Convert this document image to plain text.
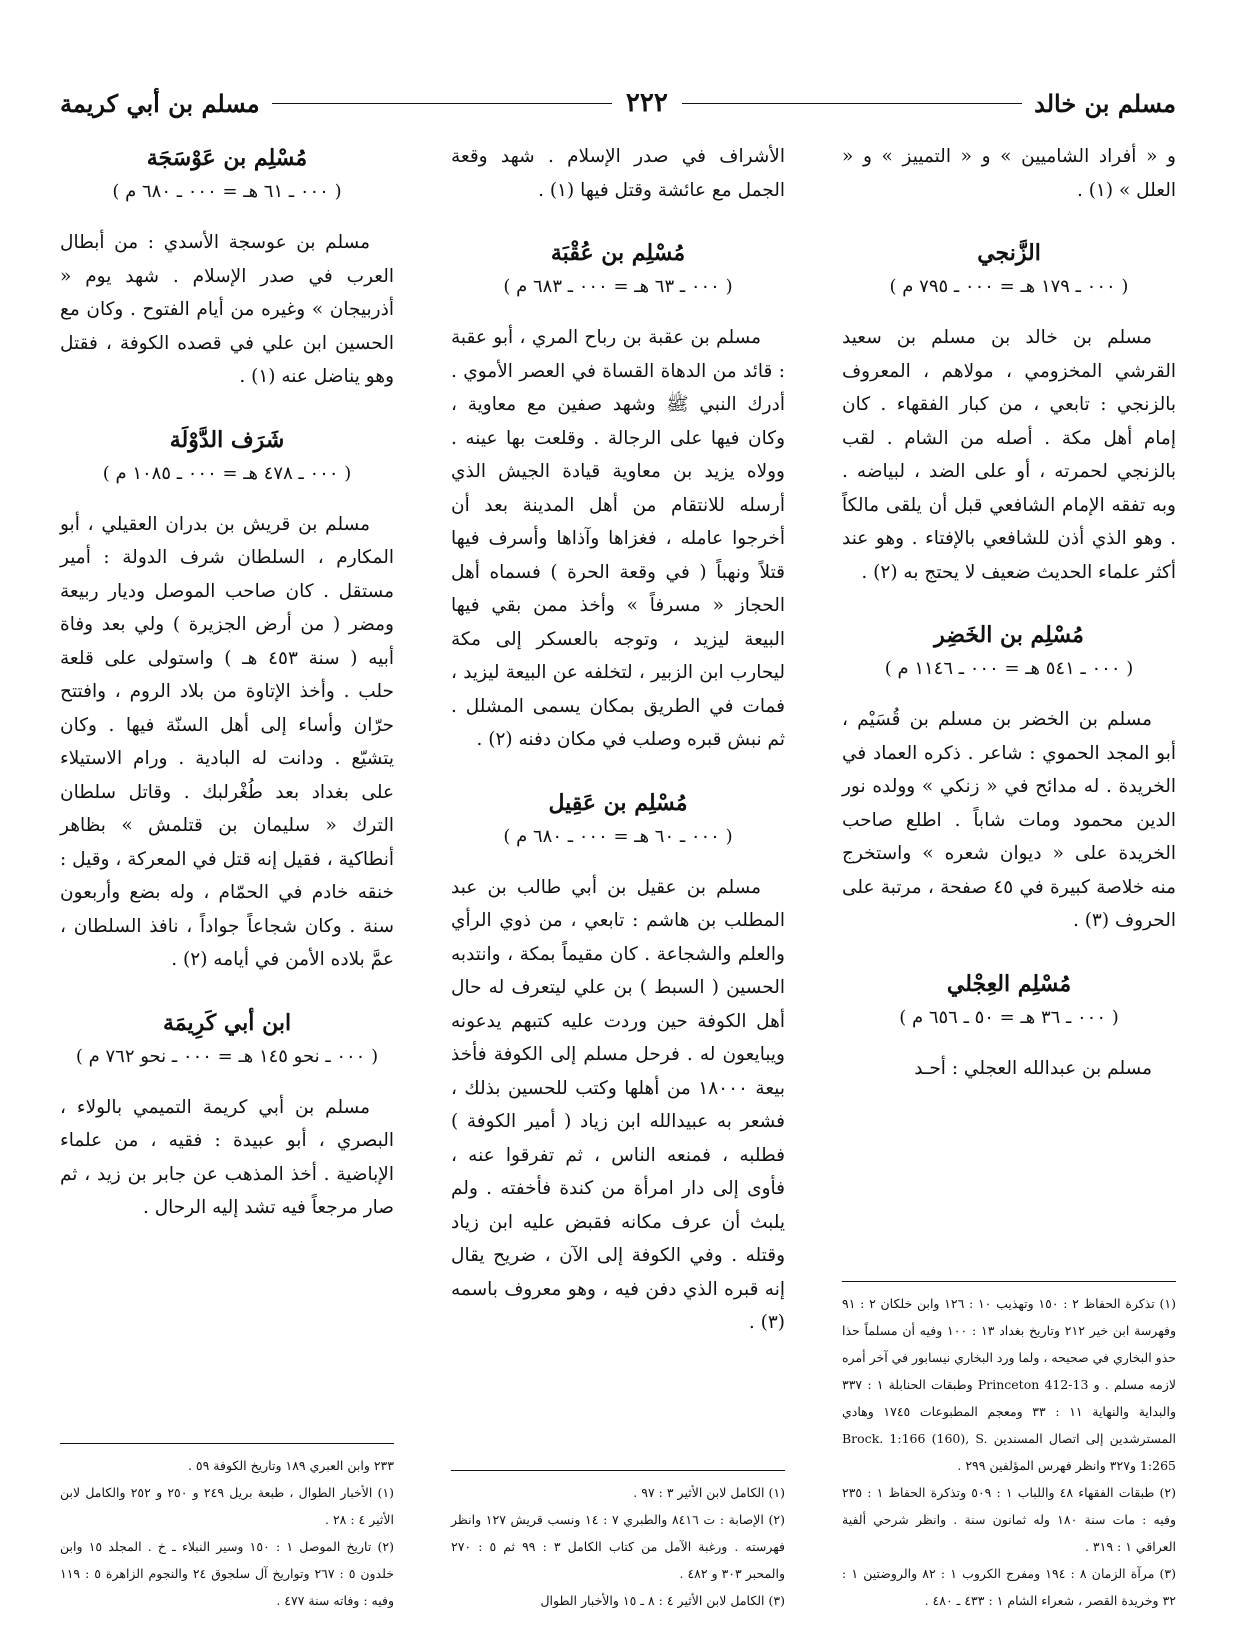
مسلم بن خالد
٢٢٢
مسلم بن أبي كريمة

و « أفراد الشاميين » و « التمييز » و « العلل » (١) .

الزَّنجي
( ٠٠٠ ـ ١٧٩ هـ = ٠٠٠ ـ ٧٩٥ م )

مسلم بن خالد بن مسلم بن سعيد القرشي المخزومي ، مولاهم ، المعروف بالزنجي : تابعي ، من كبار الفقهاء . كان إمام أهل مكة . أصله من الشام . لقب بالزنجي لحمرته ، أو على الضد ، لبياضه . وبه تفقه الإمام الشافعي قبل أن يلقى مالكاً . وهو الذي أذن للشافعي بالإفتاء . وهو عند أكثر علماء الحديث ضعيف لا يحتج به (٢) .

مُسْلِم بن الخَضِر
( ٠٠٠ ـ ٥٤١ هـ = ٠٠٠ ـ ١١٤٦ م )

مسلم بن الخضر بن مسلم بن قُسَيْم ، أبو المجد الحموي : شاعر . ذكره العماد في الخريدة . له مدائح في « زنكي » وولده نور الدين محمود ومات شاباً . اطلع صاحب الخريدة على « ديوان شعره » واستخرج منه خلاصة كبيرة في ٤٥ صفحة ، مرتبة على الحروف (٣) .

مُسْلِم العِجْلي
( ٠٠٠ ـ ٣٦ هـ = ٥٠ ـ ٦٥٦ م )

مسلم بن عبدالله العجلي : أحـد

(١) تذكرة الحفاظ ٢ : ١٥٠ وتهذيب ١٠ : ١٢٦ وابن خلكان ٢ : ٩١ وفهرسة ابن خير ٢١٢ وتاريخ بغداد ١٣ : ١٠٠ وفيه أن مسلماً حذا حذو البخاري في صحيحه ، ولما ورد البخاري نيسابور في آخر أمره لازمه مسلم . و Princeton 412-13 وطبقات الحنابلة ١ : ٣٣٧ والبداية والنهاية ١١ : ٣٣ ومعجم المطبوعات ١٧٤٥ وهادي المسترشدين إلى اتصال المسندين Brock. 1:166 (160), S. 1:265 و٣٢٧ وانظر فهرس المؤلفين ٢٩٩ .

(٢) طبقات الفقهاء ٤٨ واللباب ١ : ٥٠٩ وتذكرة الحفاظ ١ : ٢٣٥ وفيه : مات سنة ١٨٠ وله ثمانون سنة . وانظر شرحي ألفية العراقي ١ : ٣١٩ .

(٣) مرآة الزمان ٨ : ١٩٤ ومفرج الكروب ١ : ٨٢ والروضتين ١ : ٣٢ وخريدة القصر ، شعراء الشام ١ : ٤٣٣ ـ ٤٨٠ .

الأشراف في صدر الإسلام . شهد وقعة الجمل مع عائشة وقتل فيها (١) .

مُسْلِم بن عُقْبَة
( ٠٠٠ ـ ٦٣ هـ = ٠٠٠ ـ ٦٨٣ م )

مسلم بن عقبة بن رباح المري ، أبو عقبة : قائد من الدهاة القساة في العصر الأموي . أدرك النبي ﷺ وشهد صفين مع معاوية ، وكان فيها على الرجالة . وقلعت بها عينه . وولاه يزيد بن معاوية قيادة الجيش الذي أرسله للانتقام من أهل المدينة بعد أن أخرجوا عامله ، فغزاها وآذاها وأسرف فيها قتلاً ونهباً ( في وقعة الحرة ) فسماه أهل الحجاز « مسرفاً » وأخذ ممن بقي فيها البيعة ليزيد ، وتوجه بالعسكر إلى مكة ليحارب ابن الزبير ، لتخلفه عن البيعة ليزيد ، فمات في الطريق بمكان يسمى المشلل . ثم نبش قبره وصلب في مكان دفنه (٢) .

مُسْلِم بن عَقِيل
( ٠٠٠ ـ ٦٠ هـ = ٠٠٠ ـ ٦٨٠ م )

مسلم بن عقيل بن أبي طالب بن عبد المطلب بن هاشم : تابعي ، من ذوي الرأي والعلم والشجاعة . كان مقيماً بمكة ، وانتدبه الحسين ( السبط ) بن علي ليتعرف له حال أهل الكوفة حين وردت عليه كتبهم يدعونه ويبايعون له . فرحل مسلم إلى الكوفة فأخذ بيعة ١٨٠٠٠ من أهلها وكتب للحسين بذلك ، فشعر به عبيدالله ابن زياد ( أمير الكوفة ) فطلبه ، فمنعه الناس ، ثم تفرقوا عنه ، فأوى إلى دار امرأة من كندة فأخفته . ولم يلبث أن عرف مكانه فقبض عليه ابن زياد وقتله . وفي الكوفة إلى الآن ، ضريح يقال إنه قبره الذي دفن فيه ، وهو معروف باسمه (٣) .

(١) الكامل لابن الأثير ٣ : ٩٧ .

(٢) الإصابة : ت ٨٤١٦ والطبري ٧ : ١٤ ونسب قريش ١٢٧ وانظر فهرسته . ورغبة الآمل من كتاب الكامل ٣ : ٩٩ ثم ٥ : ٢٧٠ والمحبر ٣٠٣ و ٤٨٢ .

(٣) الكامل لابن الأثير ٤ : ٨ ـ ١٥ والأخبار الطوال

مُسْلِم بن عَوْسَجَة
( ٠٠٠ ـ ٦١ هـ = ٠٠٠ ـ ٦٨٠ م )

مسلم بن عوسجة الأسدي : من أبطال العرب في صدر الإسلام . شهد يوم « أذربيجان » وغيره من أيام الفتوح . وكان مع الحسين ابن علي في قصده الكوفة ، فقتل وهو يناضل عنه (١) .

شَرَف الدَّوْلَة
( ٠٠٠ ـ ٤٧٨ هـ = ٠٠٠ ـ ١٠٨٥ م )

مسلم بن قريش بن بدران العقيلي ، أبو المكارم ، السلطان شرف الدولة : أمير مستقل . كان صاحب الموصل وديار ربيعة ومضر ( من أرض الجزيرة ) ولي بعد وفاة أبيه ( سنة ٤٥٣ هـ ) واستولى على قلعة حلب . وأخذ الإتاوة من بلاد الروم ، وافتتح حرّان وأساء إلى أهل السنّة فيها . وكان يتشيّع . ودانت له البادية . ورام الاستيلاء على بغداد بعد طُغْرلبك . وقاتل سلطان الترك « سليمان بن قتلمش » بظاهر أنطاكية ، فقيل إنه قتل في المعركة ، وقيل : خنقه خادم في الحمّام ، وله بضع وأربعون سنة . وكان شجاعاً جواداً ، نافذ السلطان ، عمَّ بلاده الأمن في أيامه (٢) .

ابن أبي كَرِيمَة
( ٠٠٠ ـ نحو ١٤٥ هـ = ٠٠٠ ـ نحو ٧٦٢ م )

مسلم بن أبي كريمة التميمي بالولاء ، البصري ، أبو عبيدة : فقيه ، من علماء الإباضية . أخذ المذهب عن جابر بن زيد ، ثم صار مرجعاً فيه تشد إليه الرحال .

٢٣٣ وابن العبري ١٨٩ وتاريخ الكوفة ٥٩ .

(١) الأخبار الطوال ، طبعة بريل ٢٤٩ و ٢٥٠ و ٢٥٢ والكامل لابن الأثير ٤ : ٢٨ .

(٢) تاريخ الموصل ١ : ١٥٠ وسير النبلاء ـ خ . المجلد ١٥ وابن خلدون ٥ : ٢٦٧ وتواريخ آل سلجوق ٢٤ والنجوم الزاهرة ٥ : ١١٩ وفيه : وفاته سنة ٤٧٧ .
